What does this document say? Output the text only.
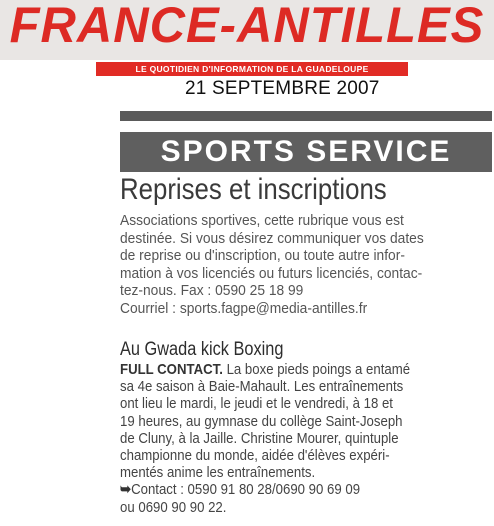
FRANCE-ANTILLES
LE QUOTIDIEN D'INFORMATION DE LA GUADELOUPE
21 SEPTEMBRE 2007
SPORTS SERVICE
Reprises et inscriptions

Associations sportives, cette rubrique vous est

destinée. Si vous désirez communiquer vos dates

de reprise ou d'inscription, ou toute autre infor-

mation à vos licenciés ou futurs licenciés, contac-

tez-nous. Fax : 0590 25 18 99

Courriel : sports.fagpe@media-antilles.fr

Au Gwada kick Boxing

FULL CONTACT. La boxe pieds poings a entamé

sa 4e saison à Baie-Mahault. Les entraînements

ont lieu le mardi, le jeudi et le vendredi, à 18 et

19 heures, au gymnase du collège Saint-Joseph

de Cluny, à la Jaille. Christine Mourer, quintuple

championne du monde, aidée d'élèves expéri-

mentés anime les entraînements.

➥Contact : 0590 91 80 28/0690 90 69 09

ou 0690 90 90 22.
